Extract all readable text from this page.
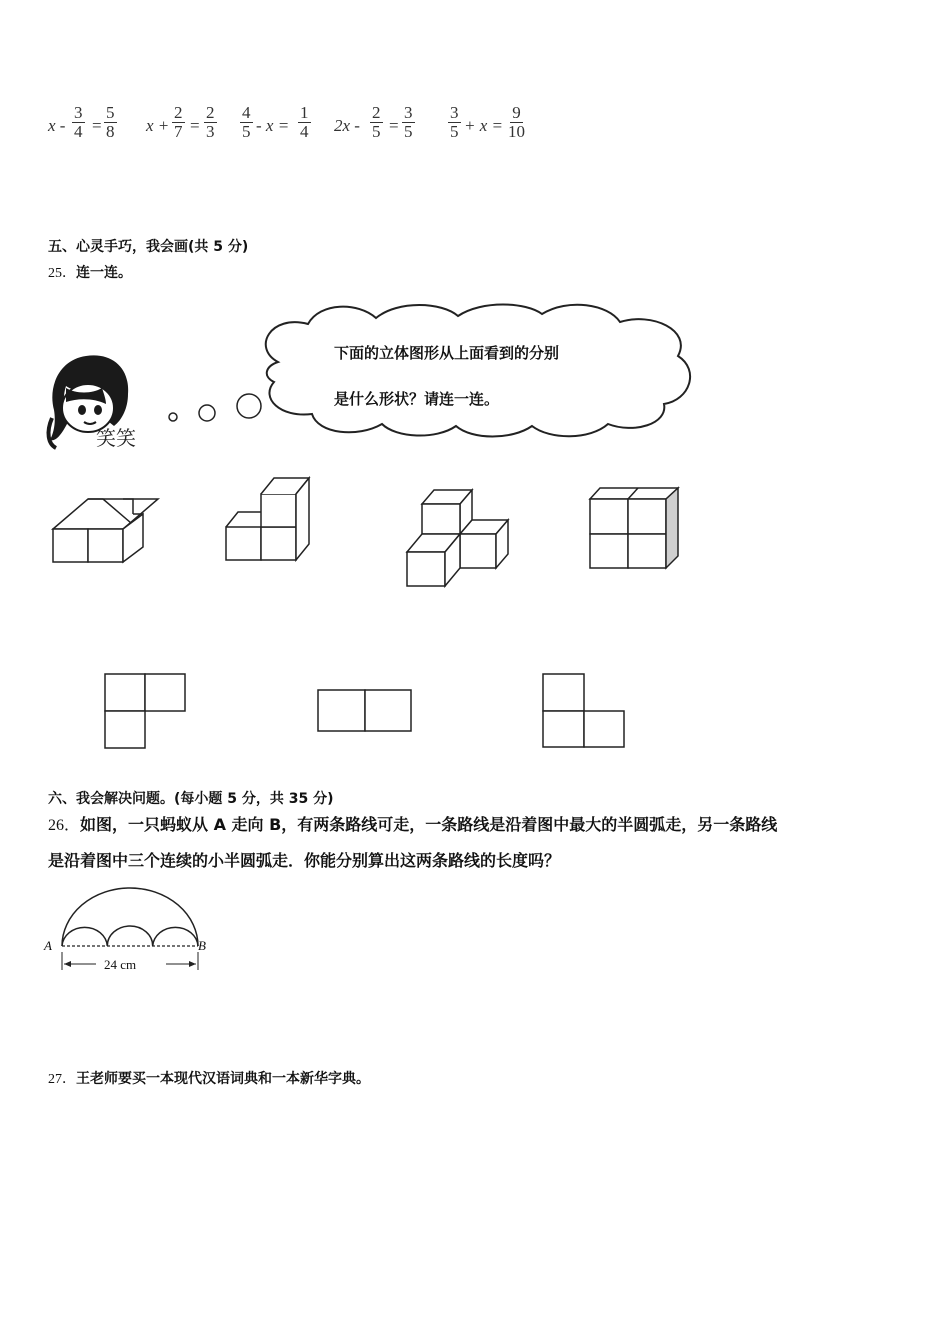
$x - \frac{3}{4} = \frac{5}{8}$ $x + \frac{2}{7} = \frac{2}{3} \frac{4}{5} - x = \frac{1}{4} 2x - \frac{2}{5} = \frac{3}{5} \frac{3}{5} + x = \frac{9}{10}$
五、心灵手巧，我会画(共 5 分)
25．连一连。
笑笑
下面的立体图形从上面看到的分别
是什么形状？请连一连。
六、我会解决问题。(每小题 5 分，共 35 分)
26．如图，一只蚂蚁从 A 走向 B，有两条路线可走，一条路线是沿着图中最大的半圆弧走，另一条路线
是沿着图中三个连续的小半圆弧走．你能分别算出这两条路线的长度吗？
A	B
24 cm
27．王老师要买一本现代汉语词典和一本新华字典。
